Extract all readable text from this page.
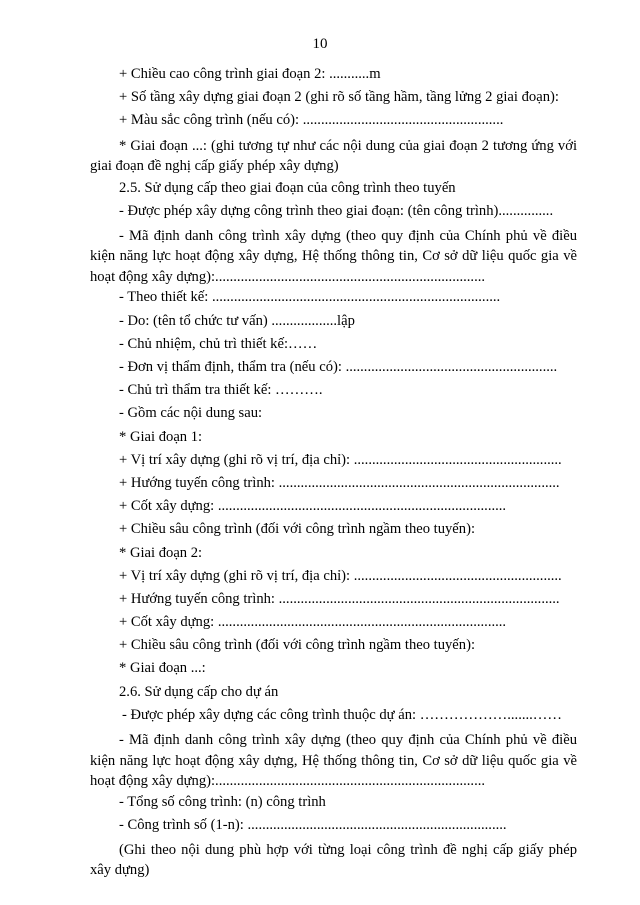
10
+ Chiều cao công trình giai đoạn 2: ...........m
+ Số tầng xây dựng giai đoạn 2 (ghi rõ số tầng hầm, tầng lửng 2 giai đoạn):
+ Màu sắc công trình (nếu có): .......................................................
* Giai đoạn ...: (ghi tương tự như các nội dung của giai đoạn 2 tương ứng với giai đoạn đề nghị cấp giấy phép xây dựng)
2.5. Sử dụng cấp theo giai đoạn của công trình theo tuyến
- Được phép xây dựng công trình theo giai đoạn: (tên công trình)...............
- Mã định danh công trình xây dựng (theo quy định của Chính phủ về điều kiện năng lực hoạt động xây dựng, Hệ thống thông tin, Cơ sở dữ liệu quốc gia về hoạt động xây dựng):..........................................................................
- Theo thiết kế: ...............................................................................
- Do: (tên tổ chức tư vấn) ..................lập
- Chủ nhiệm, chủ trì thiết kế:……
- Đơn vị thẩm định, thẩm tra (nếu có): ..........................................................
- Chủ trì thẩm tra thiết kế: ……….
- Gồm các nội dung sau:
* Giai đoạn 1:
+ Vị trí xây dựng (ghi rõ vị trí, địa chỉ): .........................................................
+ Hướng tuyến công trình: .............................................................................
+ Cốt xây dựng: ...............................................................................
+ Chiều sâu công trình (đối với công trình ngầm theo tuyến):
* Giai đoạn 2:
+ Vị trí xây dựng (ghi rõ vị trí, địa chỉ): .........................................................
+ Hướng tuyến công trình: .............................................................................
+ Cốt xây dựng: ...............................................................................
+ Chiều sâu công trình (đối với công trình ngầm theo tuyến):
* Giai đoạn ...:
2.6. Sử dụng cấp cho dự án
- Được phép xây dựng các công trình thuộc dự án: ……………….......……
- Mã định danh công trình xây dựng (theo quy định của Chính phủ về điều kiện năng lực hoạt động xây dựng, Hệ thống thông tin, Cơ sở dữ liệu quốc gia về hoạt động xây dựng):..........................................................................
- Tổng số công trình: (n) công trình
- Công trình số (1-n): .......................................................................
(Ghi theo nội dung phù hợp với từng loại công trình đề nghị cấp giấy phép xây dựng)
